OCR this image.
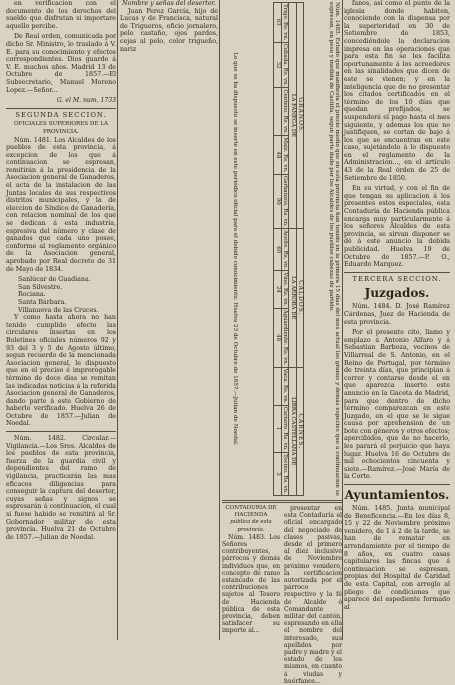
en verificacion con el documento de los derechos del sueldo que disfrutan si importare aquello percibe.

De Real orden, comunicada por dicho Sr. Ministro, lo traslado á V. E. para su conocimiento y efectos correspondientes. Dios guarde á V. E. muchos años. Madrid 13 de Octubre de 1857.—El Subsecretario, Manuel Moreno Lopez.—Señor...

G. el M. num. 1733
SEGUNDA SECCION.
OFICIALES SUPERIORES DE LA PROVINCIA.

Núm. 1481. Los Alcaldes de los pueblos de esta provincia, á excepcion de los que á continuacion se espresan, remitirán á la presidencia de la Asociacion general de Ganaderos, el acta de la instalacion de las Juntas locales de sus respectivos distritos municipales, y la de eleccion de Síndico de Ganadería, con relacion nominal de los que se dedican á esta industria, espresiva del número y clase de ganados que cada uno posee, conforme al reglamento orgánico de la Asociacion general, aprobado por Real decreto de 31 de Mayo de 1834.

Sanlúcar de Guadiana.
San Silvestre.
Rociana.
Santa Bárbara.
Villanueva de las Cruces.

Y como hasta ahora no han tenido cumplido efecto las circulares insertas en los Boletines oficiales números 92 y 93 del 3 y 5 de Agosto último, segun recuerdo de la mencionada Asociacion general, le dispuesto que en el preciso é improrogable término de doce dias se remitan las indicadas noticias á la referida Asociacion general de Ganaderos, dando parte á este Gobierno de haberlo verificado. Huelva 26 de Octubre de 1857.—Julian de Noedal.

Núm. 1482. Circular.—Vigilancia.—Los Sres. Alcaldes de los pueblos de esta provincia, fuerza de la guardia civil y dependientes del ramo de vigilancia, practicarán las mas eficaces diligencias para conseguir la captura del desertor, cuyas señas y signos se espresarán á continuacion, el cual si fuese habido se remitirá al Sr. Gobernador militar de esta provincia. Huelva 21 de Octubre de 1857.—Julian de Noedal.

Nombre y señas del desertor.

Juan Perez García, hijo de Lucas y de Francisca, natural de Trigueros, oficio jornalero, pelo castaño, ojos pardos, cejas al pelo, color trigueño, nariz	Núm. 1483. Estado que manifiesta el precio medio que en esta provincia han tenido en la primera 15 días del mes actual los granos y demás especies que á continuacion se espresan, en peso y medida de Castilla, segun parte dado por los Alcaldes de los pueblos cabezas de partido.
GRANOS.					CALDOS.			CARNES.		
LA FANEGA DE					LA ARROBA DE			LIBRA CASTELLANA DE		
Trigo. Rs. vn.	Cebada. Rs. vn.	Centeno. Rs. vn.	Maíz. Rs. vn.	Garbanzos. Rs. vn.	Aceite. Rs. vn.	Vino. Rs. vn.	Aguardiente. Rs. vn.	Vaca. Rs. vn.	Carnero. Rs. vn.	Tocino. Rs. vn.
63	32		48	90	60	24	48		1	3
Lo que se ha dispuesto se inserte en este periódico oficial para el debido conocimiento. Huelva 23 de Octubre de 1857.—Julian de Noedal.
CONTADURIA DE HACIENDA
pública de esta provincia.

Núm. 1483. Los Señores contribuyentes, párrocos y demás individuos que, en concepto de ramo estancado de las contribuciones sujetos al Tesoro de Hacienda pública de esta provincia, deben satisfacer su importe al...

presentar en esta Contaduría el oficial encargado del negociado de clases pasivas, desde el primero al diez inclusive de Noviembre próximo venidero, la certificacion autorizada por el párroco respectivo y la fé de Alcalde ó Comandante militar del cantón, espresando en ella el nombre del interesado, sus apellidos por padre y madre y el estado de los mismos, en cuanto á viudas y huérfanos...

fanos, así como el punto de la iglesia donde habiten, conociendo con la dispensa por la superioridad en 30 de Setiembre de 1853, concediéndole la declaracion impresa en las operaciones que para esta fin se les facilita oportunamente á los acreedores en las sinalidades que dicen de este se vienen; y en la inteligencia que de no presentar los citados certificados en el término de los 10 días que quedan prefijados, se suspenderá el pago hasta el mes siguiente, y ademas los que no justifiquen, se cortan de bajo á los que se encuentran en este caso, sujetándolo á lo dispuesto en el reglamento de la Administracion..., en el artículo 43 de la Real órden de 25 de Setiembre de 1850.

En su virtud, y con el fin de que tengan su aplicacion á los presentes estos especiales, esta Contaduría de Hacienda pública encarga muy particularmente á los señores Alcaldes de esta provincia, se sirvan disponer se dé á este anuncio la debida publicidad. Huelva 19 de Octubre de 1857.—P. O., Eduardo Marquez.

TERCERA SECCION.
Juzgados.

Núm. 1484. D. José Ramírez Cárdenas, Juez de Hacienda de esta provincia.

Por el presente cito, llamo y emplazo á Antonio Alfaro y á Sebastian Barboza, vecinos de Villarreal de S. Antonio, en el Reino de Portugal, por término de treinta días, que principian á correr y contarse desde el en que aparezca inserto este anuncio en la Gaceta de Madrid, para que dentro de dicho término comparezcan en este Juzgado, en el que se le sigue causa por aprehension de un bote con géneros y otros efectos; apercibidos, que de no hacerlo, les parará el perjuicio que haya lugar. Huelva 16 de Octubre de mil ochocientos cincuenta y siete.—Ramírez.—José María de la Corte.

Ayuntamientos.

Núm. 1485. Junta municipal de Beneficencia.—En los días 8, 15 y 22 de Noviembre próximo venidero, de 1 á 2 de la tarde, se han de rematar en arrendamiento por el tiempo de 8 años, en cuatro casas capitulares las fincas que á continuacion se espresan, propias del Hospital de Caridad de esta Capital, con arreglo al pliego de condiciones que aparece del espediente formado al
